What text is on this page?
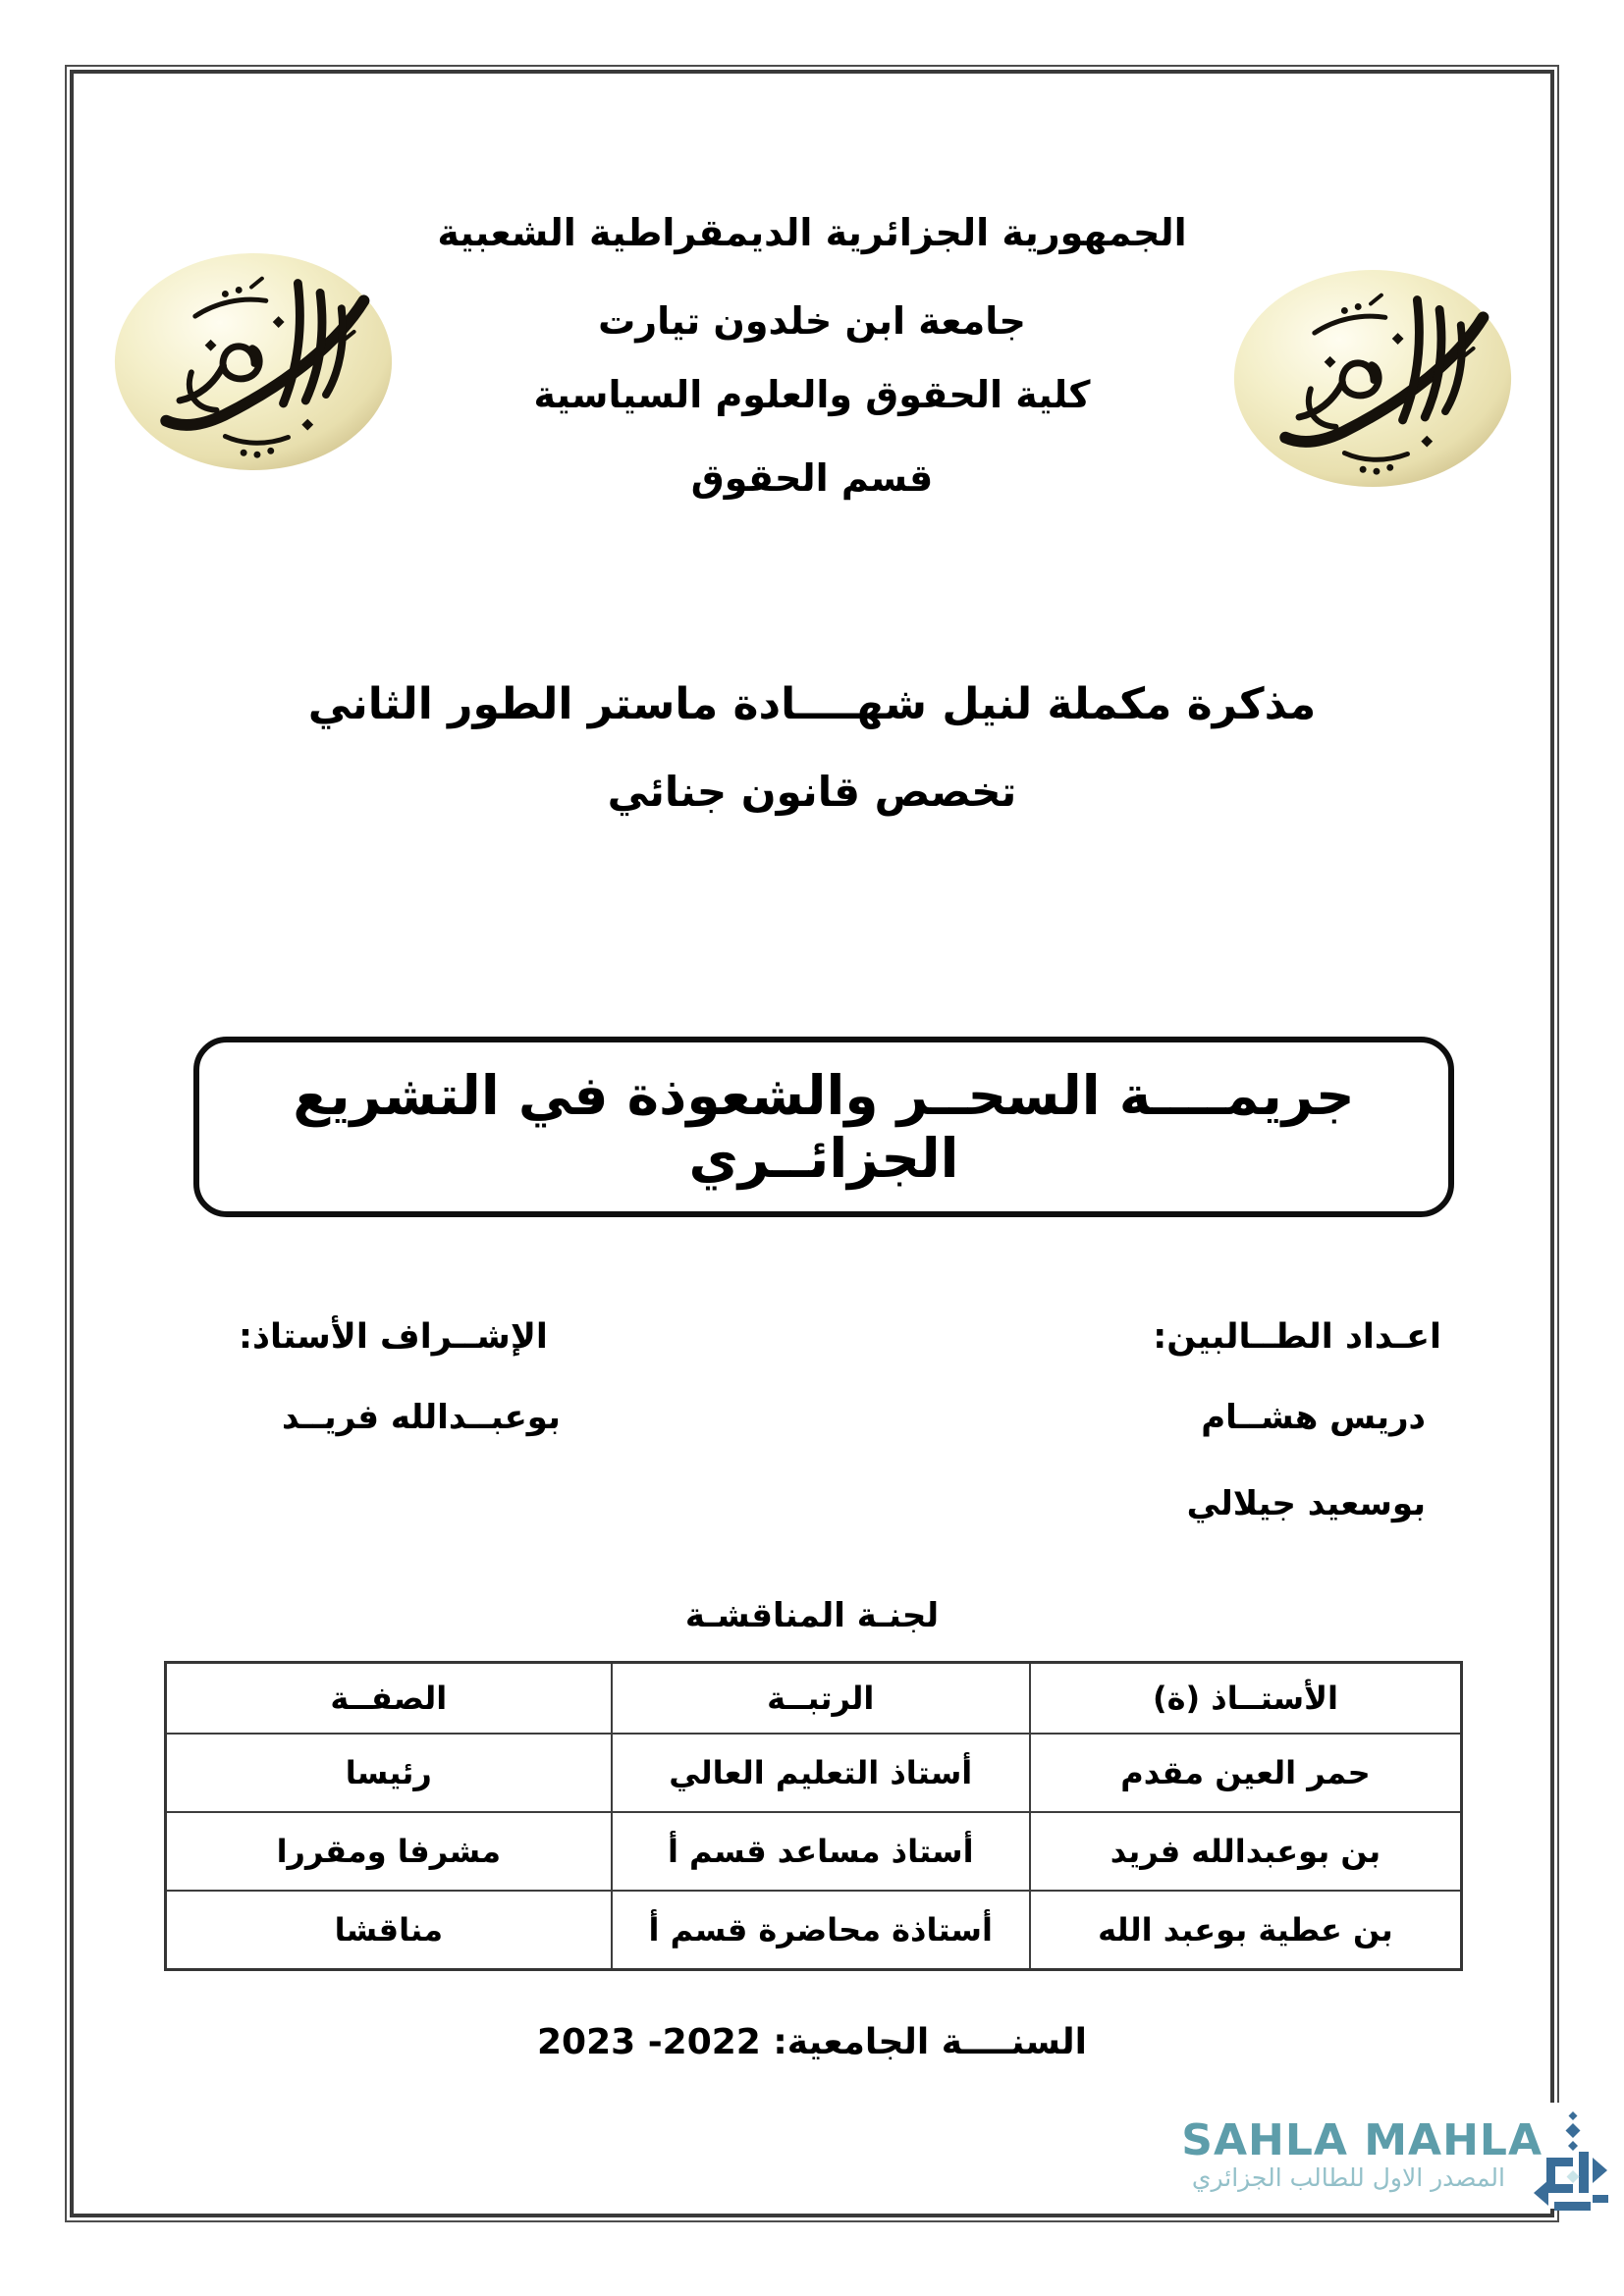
الجمهورية الجزائرية الديمقراطية الشعبية
جامعة ابن خلدون تيارت
كلية الحقوق والعلوم السياسية
قسم الحقوق
مذكرة مكملة لنيل شهــــادة ماستر الطور الثاني
تخصص قانون جنائي
جريمــــة السحــر والشعوذة في التشريع الجزائــري
اعـداد الطــالبين:
دريس هشــام
بوسعيد جيلالي
الإشــراف الأستاذ:
بوعبــدالله فريــد
لجنـة المناقشـة
الأستــاذ (ة)	الرتبــة	الصفــة
حمر العين مقدم	أستاذ التعليم العالي	رئيسا
بن بوعبدالله فريد	أستاذ مساعد قسم أ	مشرفا ومقررا
بن عطية بوعبد الله	أستاذة محاضرة قسم أ	مناقشا
السنــــة الجامعية: 2022- 2023
SAHLA MAHLA
المصدر الاول للطالب الجزائري
